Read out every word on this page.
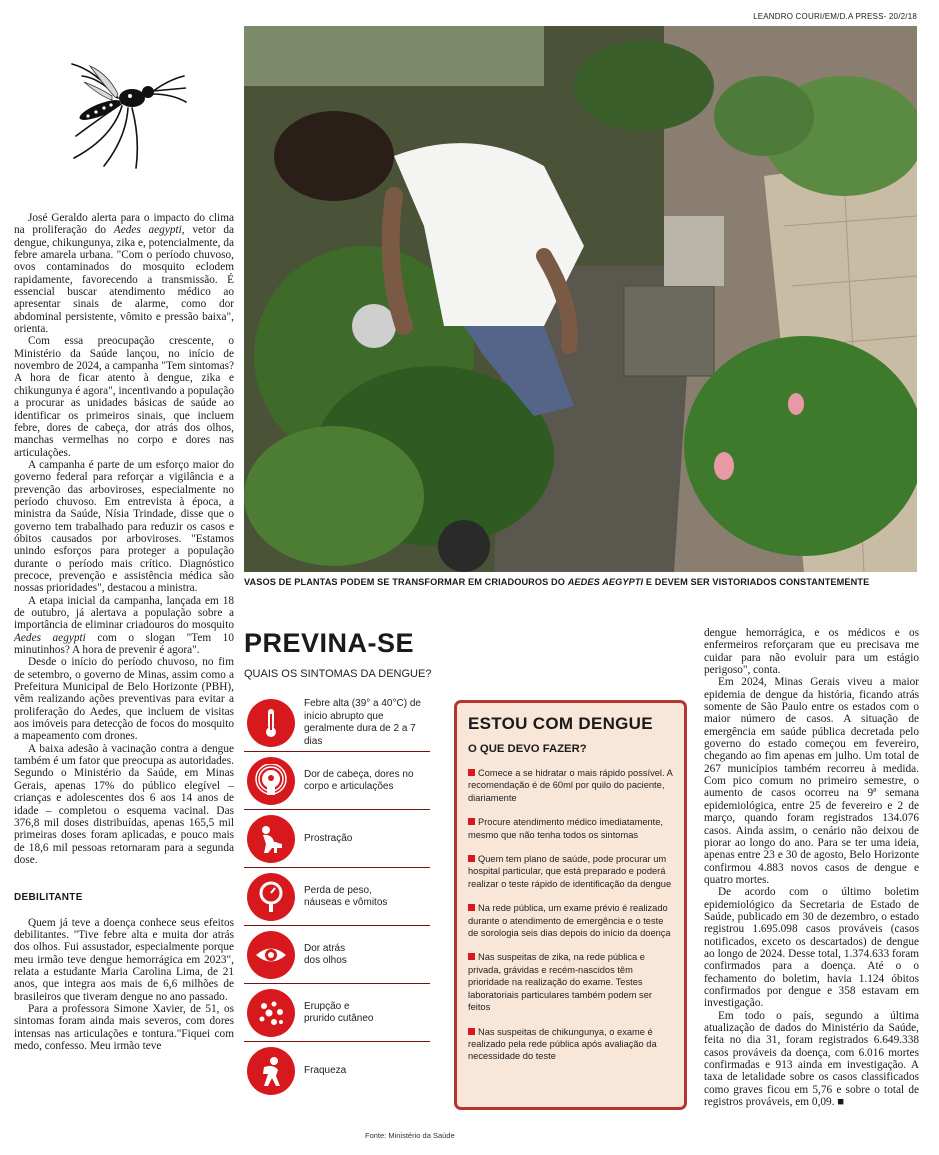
LEANDRO COURI/EM/D.A PRESS- 20/2/18
VASOS DE PLANTAS PODEM SE TRANSFORMAR EM CRIADOUROS DO AEDES AEGYPTI E DEVEM SER VISTORIADOS CONSTANTEMENTE

José Geraldo alerta para o impacto do clima na proliferação do Aedes aegypti, vetor da dengue, chikungunya, zika e, potencialmente, da febre amarela urbana. "Com o período chuvoso, ovos contaminados do mosquito eclodem rapidamente, favorecendo a transmissão. É essencial buscar atendimento médico ao apresentar sinais de alarme, como dor abdominal persistente, vômito e pressão baixa", orienta.

Com essa preocupação crescente, o Ministério da Saúde lançou, no início de novembro de 2024, a campanha "Tem sintomas? A hora de ficar atento à dengue, zika e chikungunya é agora", incentivando a população a procurar as unidades básicas de saúde ao identificar os primeiros sinais, que incluem febre, dores de cabeça, dor atrás dos olhos, manchas vermelhas no corpo e dores nas articulações.

A campanha é parte de um esforço maior do governo federal para reforçar a vigilância e a prevenção das arboviroses, especialmente no período chuvoso. Em entrevista à época, a ministra da Saúde, Nísia Trindade, disse que o governo tem trabalhado para reduzir os casos e óbitos causados por arboviroses. "Estamos unindo esforços para proteger a população durante o período mais crítico. Diagnóstico precoce, prevenção e assistência médica são nossas prioridades", destacou a ministra.

A etapa inicial da campanha, lançada em 18 de outubro, já alertava a população sobre a importância de eliminar criadouros do mosquito Aedes aegypti com o slogan "Tem 10 minutinhos? A hora de prevenir é agora".

Desde o início do período chuvoso, no fim de setembro, o governo de Minas, assim como a Prefeitura Municipal de Belo Horizonte (PBH), vêm realizando ações preventivas para evitar a proliferação do Aedes, que incluem de visitas aos imóveis para detecção de focos do mosquito a mapeamento com drones.

A baixa adesão à vacinação contra a dengue também é um fator que preocupa as autoridades. Segundo o Ministério da Saúde, em Minas Gerais, apenas 17% do público elegível – crianças e adolescentes dos 6 aos 14 anos de idade – completou o esquema vacinal. Das 376,8 mil doses distribuídas, apenas 165,5 mil primeiras doses foram aplicadas, e pouco mais de 18,6 mil pessoas retornaram para a segunda dose.

DEBILITANTE

Quem já teve a doença conhece seus efeitos debilitantes. "Tive febre alta e muita dor atrás dos olhos. Fui assustador, especialmente porque meu irmão teve dengue hemorrágica em 2023", relata a estudante Maria Carolina Lima, de 21 anos, que integra aos mais de 6,6 milhões de brasileiros que tiveram dengue no ano passado.

Para a professora Simone Xavier, de 51, os sintomas foram ainda mais severos, com dores intensas nas articulações e tontura."Fiquei com medo, confesso. Meu irmão teve

PREVINA-SE
QUAIS OS SINTOMAS DA DENGUE?
Febre alta (39° a 40°C) de
início abrupto que
geralmente dura de 2 a 7 dias
Dor de cabeça, dores no
corpo e articulações
Prostração
Perda de peso,
náuseas e vômitos
Dor atrás
dos olhos
Erupção e
prurido cutâneo
Fraqueza
Fonte: Ministério da Saúde
ESTOU COM DENGUE
O QUE DEVO FAZER?
Comece a se hidratar o mais rápido possível. A recomendação é de 60ml por quilo do paciente, diariamente
Procure atendimento médico imediatamente, mesmo que não tenha todos os sintomas
Quem tem plano de saúde, pode procurar um hospital particular, que está preparado e poderá realizar o teste rápido de identificação da dengue
Na rede pública, um exame prévio é realizado durante o atendimento de emergência e o teste de sorologia seis dias depois do início da doença
Nas suspeitas de zika, na rede pública e privada, grávidas e recém-nascidos têm prioridade na realização do exame. Testes laboratoriais particulares também podem ser feitos
Nas suspeitas de chikungunya, o exame é realizado pela rede pública após avaliação da necessidade do teste

dengue hemorrágica, e os médicos e os enfermeiros reforçaram que eu precisava me cuidar para não evoluir para um estágio perigoso", conta.

Em 2024, Minas Gerais viveu a maior epidemia de dengue da história, ficando atrás somente de São Paulo entre os estados com o maior número de casos. A situação de emergência em saúde pública decretada pelo governo do estado começou em fevereiro, chegando ao fim apenas em julho. Um total de 267 municípios também recorreu à medida. Com pico comum no primeiro semestre, o aumento de casos ocorreu na 9ª semana epidemiológica, entre 25 de fevereiro e 2 de março, quando foram registrados 134.076 casos. Ainda assim, o cenário não deixou de piorar ao longo do ano. Para se ter uma ideia, apenas entre 23 e 30 de agosto, Belo Horizonte confirmou 4.883 novos casos de dengue e quatro mortes.

De acordo com o último boletim epidemiológico da Secretaria de Estado de Saúde, publicado em 30 de dezembro, o estado registrou 1.695.098 casos prováveis (casos notificados, exceto os descartados) de dengue ao longo de 2024. Desse total, 1.374.633 foram confirmados para a doença. Até o o fechamento do boletim, havia 1.124 óbitos confirmados por dengue e 358 estavam em investigação.

Em todo o país, segundo a última atualização de dados do Ministério da Saúde, feita no dia 31, foram registrados 6.649.338 casos prováveis da doença, com 6.016 mortes confirmadas e 913 ainda em investigação. A taxa de letalidade sobre os casos classificados como graves ficou em 5,76 e sobre o total de registros prováveis, em 0,09. ■
